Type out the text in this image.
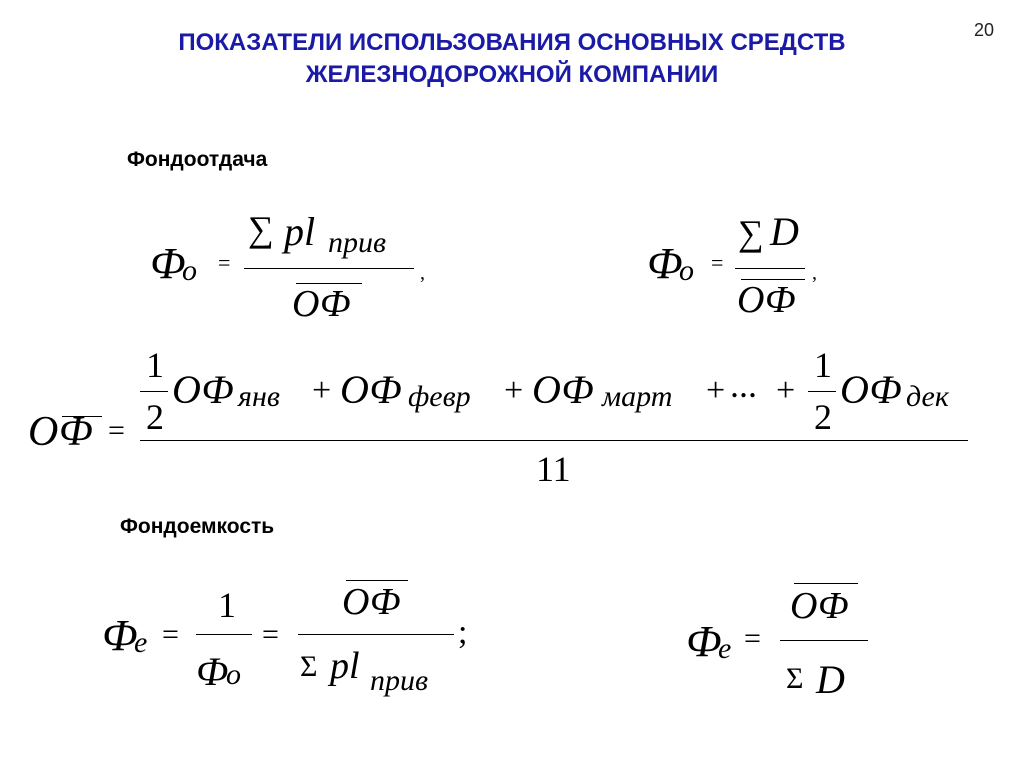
ПОКАЗАТЕЛИ ИСПОЛЬЗОВАНИЯ ОСНОВНЫХ СРЕДСТВ
ЖЕЛЕЗНОДОРОЖНОЙ КОМПАНИИ
20
Фондоотдача
Ф
о =
∑ pl прив
ОФ
,	Ф
о =
∑ D
ОФ
,
ОФ =
1
2
ОФ янв + ОФ февр + ОФ март + ... +
1
2
ОФ дек
11
Фондоемкость
Ф
е =
1
Ф
о
=
ОФ
Σ pl прив
;	Ф
е =
ОФ
Σ D
